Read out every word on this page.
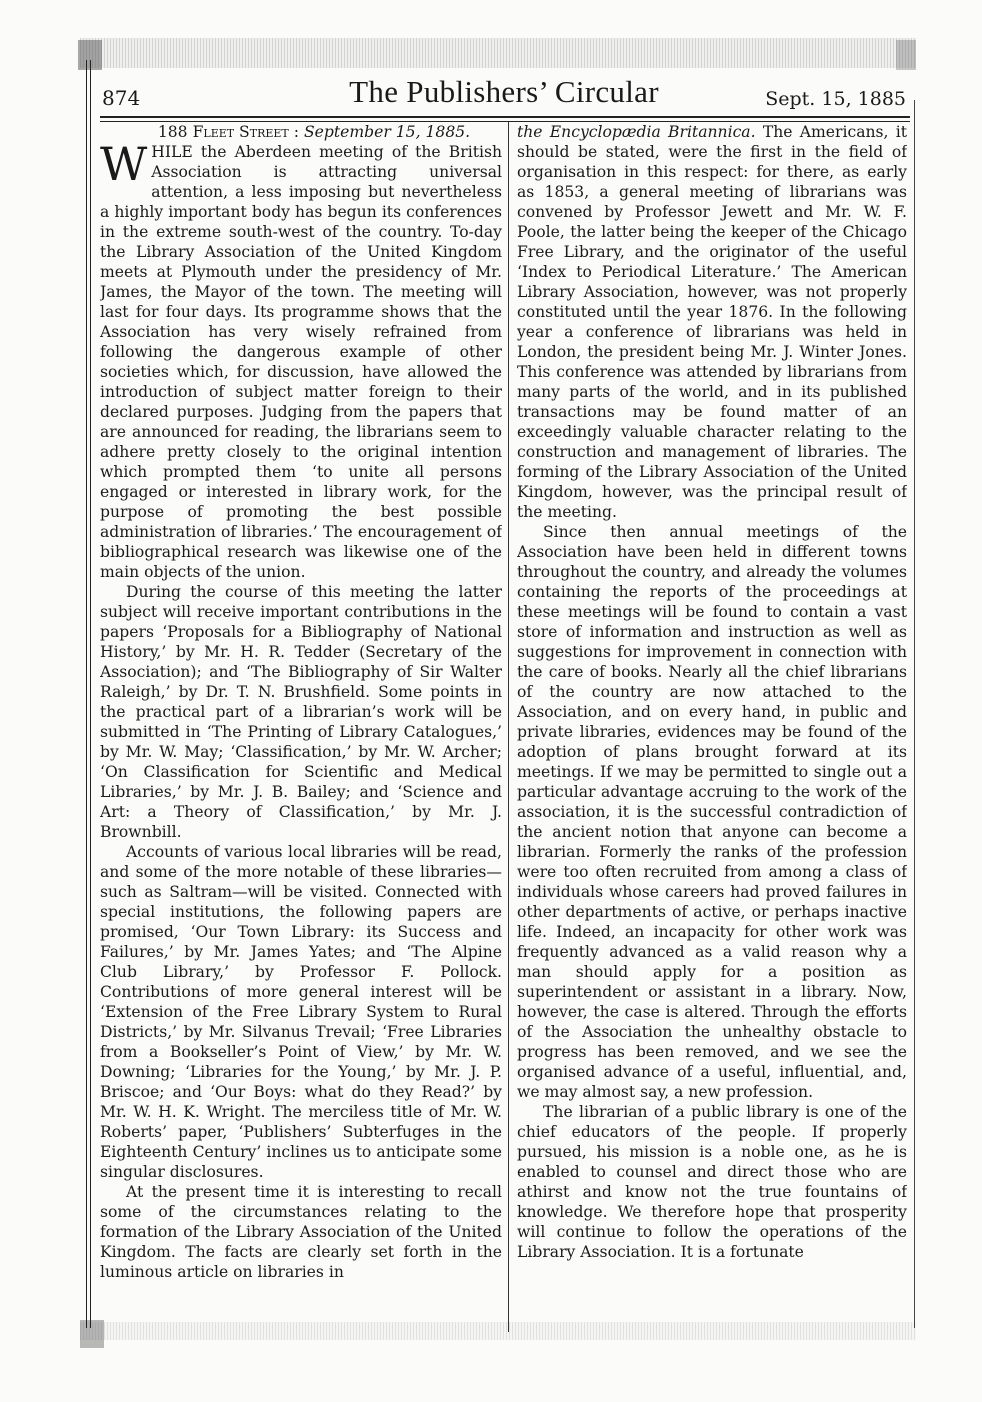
874	The Publishers’ Circular	Sept. 15, 1885

188 Fleet Street : September 15, 1885.

WHILE the Aberdeen meeting of the British Association is attracting universal attention, a less imposing but nevertheless a highly important body has begun its conferences in the extreme south-west of the country. To-day the Library Association of the United Kingdom meets at Plymouth under the presidency of Mr. James, the Mayor of the town. The meeting will last for four days. Its programme shows that the Association has very wisely refrained from following the dangerous example of other societies which, for discussion, have allowed the introduction of subject matter foreign to their declared purposes. Judging from the papers that are announced for reading, the librarians seem to adhere pretty closely to the original intention which prompted them ‘to unite all persons engaged or interested in library work, for the purpose of promoting the best possible administration of libraries.’ The encouragement of bibliographical research was likewise one of the main objects of the union.

During the course of this meeting the latter subject will receive important contributions in the papers ‘Proposals for a Bibliography of National History,’ by Mr. H. R. Tedder (Secretary of the Association); and ‘The Bibliography of Sir Walter Raleigh,’ by Dr. T. N. Brushfield. Some points in the practical part of a librarian’s work will be submitted in ‘The Printing of Library Catalogues,’ by Mr. W. May; ‘Classification,’ by Mr. W. Archer; ‘On Classification for Scientific and Medical Libraries,’ by Mr. J. B. Bailey; and ‘Science and Art: a Theory of Classification,’ by Mr. J. Brownbill.

Accounts of various local libraries will be read, and some of the more notable of these libraries—such as Saltram—will be visited. Connected with special institutions, the following papers are promised, ‘Our Town Library: its Success and Failures,’ by Mr. James Yates; and ‘The Alpine Club Library,’ by Professor F. Pollock. Contributions of more general interest will be ‘Extension of the Free Library System to Rural Districts,’ by Mr. Silvanus Trevail; ‘Free Libraries from a Bookseller’s Point of View,’ by Mr. W. Downing; ‘Libraries for the Young,’ by Mr. J. P. Briscoe; and ‘Our Boys: what do they Read?’ by Mr. W. H. K. Wright. The merciless title of Mr. W. Roberts’ paper, ‘Publishers’ Subterfuges in the Eighteenth Century’ inclines us to anticipate some singular disclosures.

At the present time it is interesting to recall some of the circumstances relating to the formation of the Library Association of the United Kingdom. The facts are clearly set forth in the luminous article on libraries in

the Encyclopædia Britannica. The Americans, it should be stated, were the first in the field of organisation in this respect: for there, as early as 1853, a general meeting of librarians was convened by Professor Jewett and Mr. W. F. Poole, the latter being the keeper of the Chicago Free Library, and the originator of the useful ‘Index to Periodical Literature.’ The American Library Association, however, was not properly constituted until the year 1876. In the following year a conference of librarians was held in London, the president being Mr. J. Winter Jones. This conference was attended by librarians from many parts of the world, and in its published transactions may be found matter of an exceedingly valuable character relating to the construction and management of libraries. The forming of the Library Association of the United Kingdom, however, was the principal result of the meeting.

Since then annual meetings of the Association have been held in different towns throughout the country, and already the volumes containing the reports of the proceedings at these meetings will be found to contain a vast store of information and instruction as well as suggestions for improvement in connection with the care of books. Nearly all the chief librarians of the country are now attached to the Association, and on every hand, in public and private libraries, evidences may be found of the adoption of plans brought forward at its meetings. If we may be permitted to single out a particular advantage accruing to the work of the association, it is the successful contradiction of the ancient notion that anyone can become a librarian. Formerly the ranks of the profession were too often recruited from among a class of individuals whose careers had proved failures in other departments of active, or perhaps inactive life. Indeed, an incapacity for other work was frequently advanced as a valid reason why a man should apply for a position as superintendent or assistant in a library. Now, however, the case is altered. Through the efforts of the Association the unhealthy obstacle to progress has been removed, and we see the organised advance of a useful, influential, and, we may almost say, a new profession.

The librarian of a public library is one of the chief educators of the people. If properly pursued, his mission is a noble one, as he is enabled to counsel and direct those who are athirst and know not the true fountains of knowledge. We therefore hope that prosperity will continue to follow the operations of the Library Association. It is a fortunate
